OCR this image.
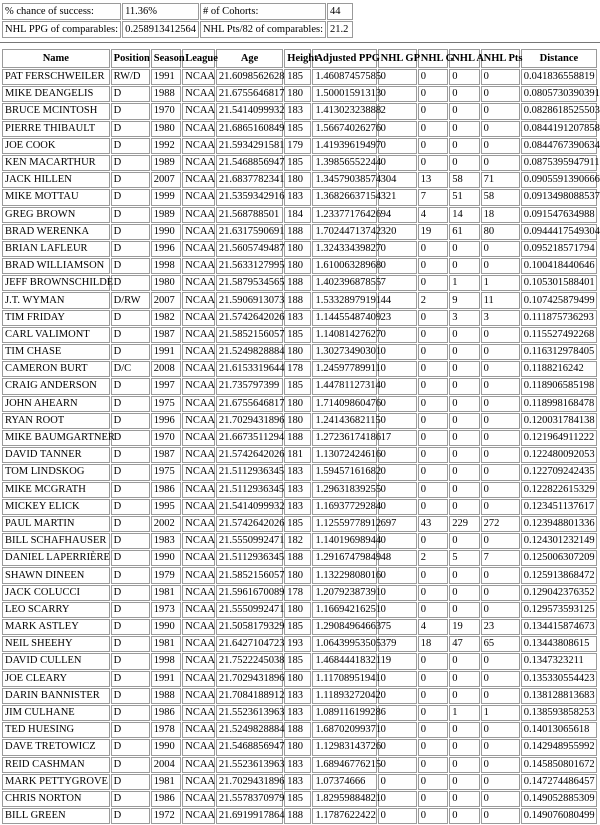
% chance of success:	11.36%	# of Cohorts:	44
NHL PPG of comparables:	0.258913412564	NHL Pts/82 of comparables:	21.2
Name	Position	Season	League	Age	Height	Adjusted PPG	NHL GP	NHL G	NHL A	NHL Pts	Distance
PAT FERSCHWEILER	RW/D	1991	NCAA	21.6098562628	185	1.46087457585	0	0	0	0	0.041836558819
MIKE DEANGELIS	D	1988	NCAA	21.6755646817	180	1.50001591313	0	0	0	0	0.0805730390391
BRUCE MCINTOSH	D	1970	NCAA	21.5414099932	183	1.41302323888	2	0	0	0	0.0828618525503
PIERRE THIBAULT	D	1980	NCAA	21.6865160849	185	1.56674026276	0	0	0	0	0.0844191207858
JOE COOK	D	1992	NCAA	21.5934291581	179	1.41939619497	0	0	0	0	0.0844767390634
KEN MACARTHUR	D	1989	NCAA	21.5468856947	185	1.39856552244	0	0	0	0	0.0875395947911
JACK HILLEN	D	2007	NCAA	21.6837782341	180	1.34579038574	304	13	58	71	0.0905591390666
MIKE MOTTAU	D	1999	NCAA	21.5359342916	183	1.36826637154	321	7	51	58	0.0913498088537
GREG BROWN	D	1989	NCAA	21.568788501	184	1.23377176426	94	4	14	18	0.091547634988
BRAD WERENKA	D	1990	NCAA	21.6317590691	188	1.70244713742	320	19	61	80	0.0944417549304
BRIAN LAFLEUR	D	1996	NCAA	21.5605749487	180	1.32433439827	0	0	0	0	0.095218571794
BRAD WILLIAMSON	D	1998	NCAA	21.5633127995	180	1.61006328968	0	0	0	0	0.100418440646
JEFF BROWNSCHILDE	D	1980	NCAA	21.5879534565	188	1.40239687855	7	0	1	1	0.105301588401
J.T. WYMAN	D/RW	2007	NCAA	21.5906913073	188	1.53328979191	44	2	9	11	0.107425879499
TIM FRIDAY	D	1982	NCAA	21.5742642026	183	1.14455487409	23	0	3	3	0.111875736293
CARL VALIMONT	D	1987	NCAA	21.5852156057	185	1.14081427627	0	0	0	0	0.115527492268
TIM CHASE	D	1991	NCAA	21.5249828884	180	1.30273490301	0	0	0	0	0.116312978405
CAMERON BURT	D/C	2008	NCAA	21.6153319644	178	1.24597789911	0	0	0	0	0.1188216242
CRAIG ANDERSON	D	1997	NCAA	21.735797399	185	1.44781127314	0	0	0	0	0.118906585198
JOHN AHEARN	D	1975	NCAA	21.6755646817	180	1.71409860476	0	0	0	0	0.118998168478
RYAN ROOT	D	1996	NCAA	21.7029431896	180	1.24143682115	0	0	0	0	0.120031784138
MIKE BAUMGARTNER	D	1970	NCAA	21.6673511294	188	1.27236174186	17	0	0	0	0.121964911222
DAVID TANNER	D	1987	NCAA	21.5742642026	181	1.13072424616	0	0	0	0	0.122480092053
TOM LINDSKOG	D	1975	NCAA	21.5112936345	183	1.59457161682	0	0	0	0	0.122709242435
MIKE MCGRATH	D	1986	NCAA	21.5112936345	183	1.29631839255	0	0	0	0	0.122822615329
MICKEY ELICK	D	1995	NCAA	21.5414099932	183	1.16937729284	0	0	0	0	0.123451137617
PAUL MARTIN	D	2002	NCAA	21.5742642026	185	1.12559778912	697	43	229	272	0.123948801336
BILL SCHAFHAUSER	D	1983	NCAA	21.5550992471	182	1.14019698944	0	0	0	0	0.124301232149
DANIEL LAPERRIÈRE	D	1990	NCAA	21.5112936345	188	1.29167479849	48	2	5	7	0.125006307209
SHAWN DINEEN	D	1979	NCAA	21.5852156057	180	1.13229808016	0	0	0	0	0.125913868472
JACK COLUCCI	D	1981	NCAA	21.5961670089	178	1.20792387391	0	0	0	0	0.129042376352
LEO SCARRY	D	1973	NCAA	21.5550992471	180	1.16694216251	0	0	0	0	0.129573593125
MARK ASTLEY	D	1990	NCAA	21.5058179329	185	1.29084964663	75	4	19	23	0.134415874673
NEIL SHEEHY	D	1981	NCAA	21.6427104723	193	1.06439953505	379	18	47	65	0.13443808615
DAVID CULLEN	D	1998	NCAA	21.7522245038	185	1.46844418321	19	0	0	0	0.1347323211
JOE CLEARY	D	1991	NCAA	21.7029431896	180	1.11708951941	0	0	0	0	0.135330554423
DARIN BANNISTER	D	1988	NCAA	21.7084188912	183	1.11893272042	0	0	0	0	0.138128813683
JIM CULHANE	D	1986	NCAA	21.5523613963	183	1.08911619928	6	0	1	1	0.138593858253
TED HUESING	D	1978	NCAA	21.5249828884	188	1.68702099371	0	0	0	0	0.14013065618
DAVE TRETOWICZ	D	1990	NCAA	21.5468856947	180	1.12983143726	0	0	0	0	0.142948955992
REID CASHMAN	D	2004	NCAA	21.5523613963	183	1.68946776215	0	0	0	0	0.145850801672
MARK PETTYGROVE	D	1981	NCAA	21.7029431896	183	1.07374666	0	0	0	0	0.147274486457
CHRIS NORTON	D	1986	NCAA	21.5578370979	185	1.82959884821	0	0	0	0	0.149052885309
BILL GREEN	D	1972	NCAA	21.6919917864	188	1.1787622422	0	0	0	0	0.149076080499
